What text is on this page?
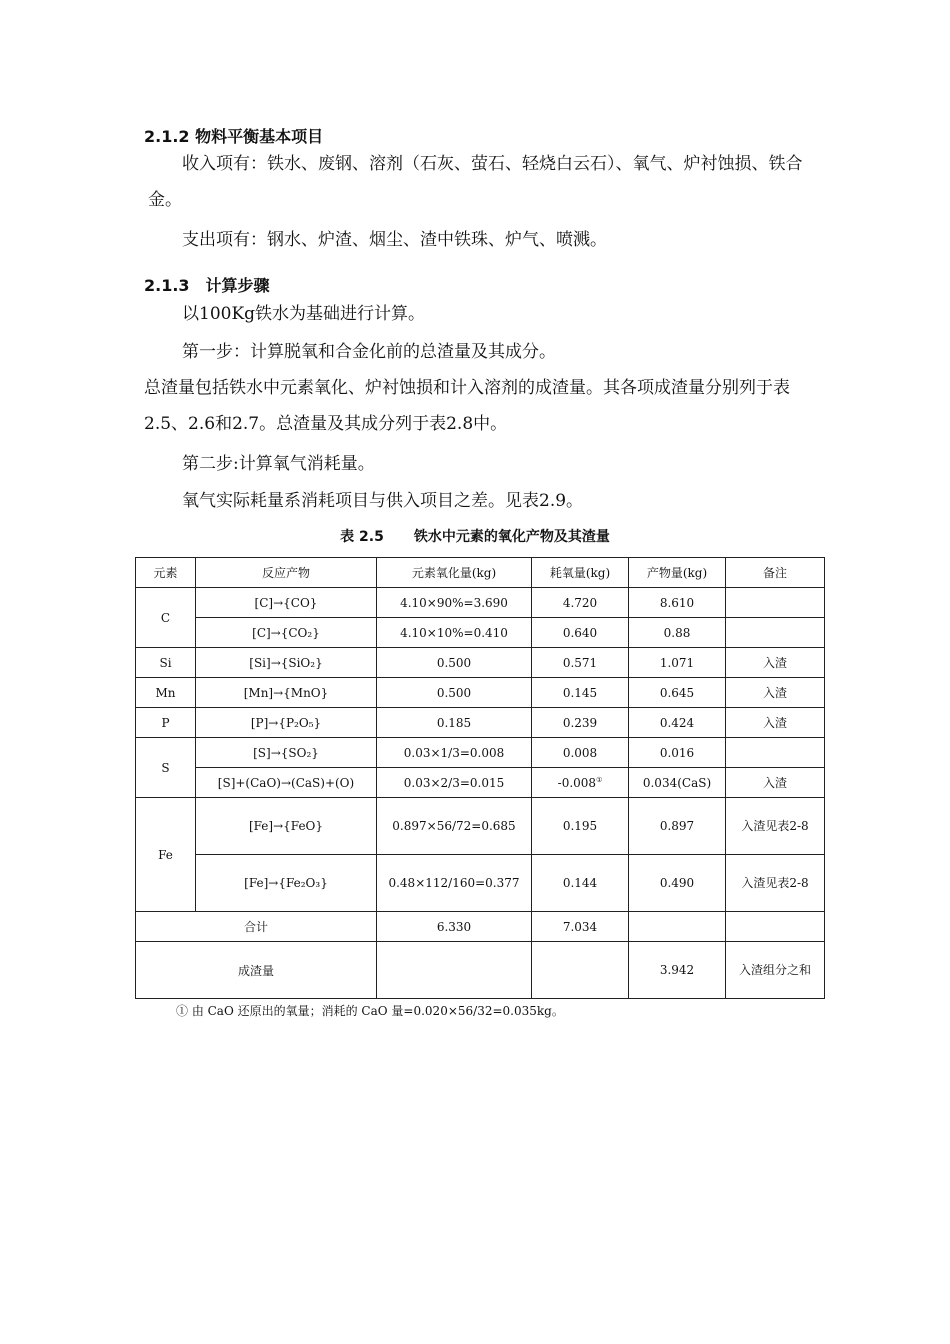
2.1.2 物料平衡基本项目
收入项有：铁水、废钢、溶剂（石灰、萤石、轻烧白云石）、氧气、炉衬蚀损、铁合金。
支出项有：钢水、炉渣、烟尘、渣中铁珠、炉气、喷溅。
2.1.3　计算步骤
以100Kg铁水为基础进行计算。
第一步：计算脱氧和合金化前的总渣量及其成分。
总渣量包括铁水中元素氧化、炉衬蚀损和计入溶剂的成渣量。其各项成渣量分别列于表2.5、2.6和2.7。总渣量及其成分列于表2.8中。
第二步:计算氧气消耗量。
氧气实际耗量系消耗项目与供入项目之差。见表2.9。
表 2.5 铁水中元素的氧化产物及其渣量
元素	反应产物	元素氧化量(kg)	耗氧量(kg)	产物量(kg)	备注
C	[C]→{CO}	4.10×90%=3.690	4.720	8.610	
	[C]→{CO₂}	4.10×10%=0.410	0.640	0.88	
Si	[Si]→{SiO₂}	0.500	0.571	1.071	入渣
Mn	[Mn]→{MnO}	0.500	0.145	0.645	入渣
P	[P]→{P₂O₅}	0.185	0.239	0.424	入渣
S	[S]→{SO₂}	0.03×1/3=0.008	0.008	0.016	
	[S]+(CaO)→(CaS)+(O)	0.03×2/3=0.015	-0.008①	0.034(CaS)	入渣
Fe	[Fe]→{FeO}	0.897×56/72=0.685	0.195	0.897	入渣见表2-8
	[Fe]→{Fe₂O₃}	0.48×112/160=0.377	0.144	0.490	入渣见表2-8
合计		6.330	7.034		
成渣量				3.942	入渣组分之和
① 由 CaO 还原出的氧量；消耗的 CaO 量=0.020×56/32=0.035kg。
